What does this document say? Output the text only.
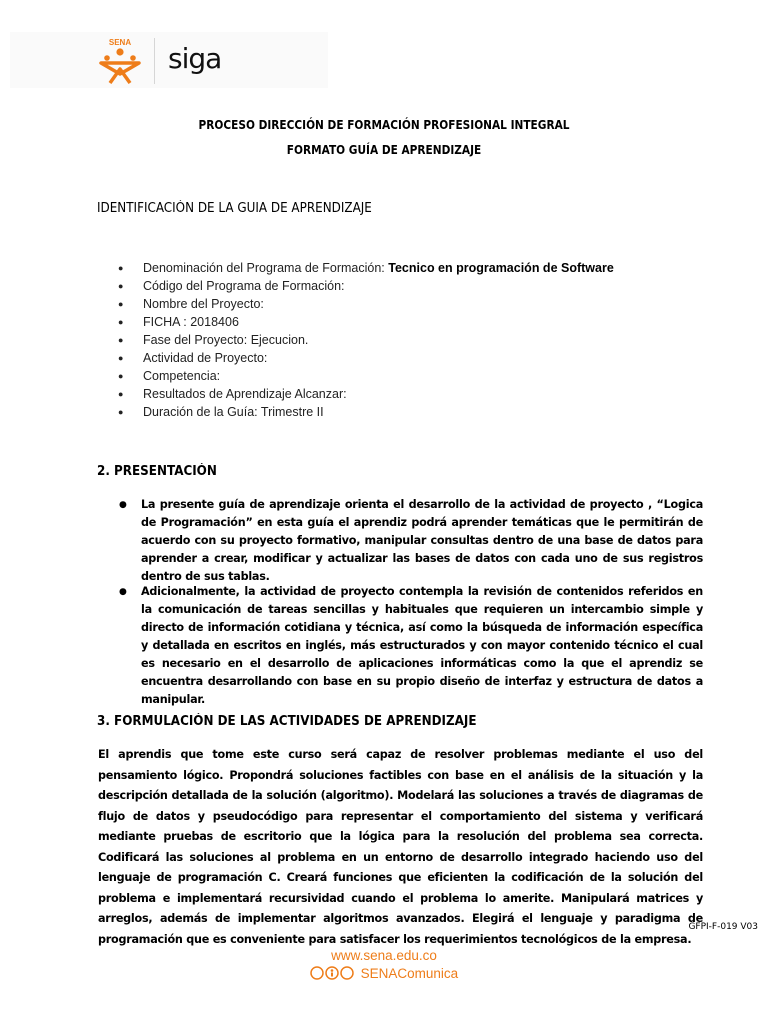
SENA siga
PROCESO DIRECCIÓN DE FORMACIÓN PROFESIONAL INTEGRAL
FORMATO GUÍA DE APRENDIZAJE
IDENTIFICACIÓN DE LA GUIA DE APRENDIZAJE
● Denominación del Programa de Formación: Tecnico en programación de Software
● Código del Programa de Formación:
● Nombre del Proyecto:
● FICHA : 2018406
● Fase del Proyecto: Ejecucion.
● Actividad de Proyecto:
● Competencia:
● Resultados de Aprendizaje Alcanzar:
● Duración de la Guía: Trimestre II
2. PRESENTACIÓN
● La presente guía de aprendizaje orienta el desarrollo de la actividad de proyecto , “Logica de Programación” en esta guía el aprendiz podrá aprender temáticas que le permitirán de acuerdo con su proyecto formativo, manipular consultas dentro de una base de datos para aprender a crear, modificar y actualizar las bases de datos con cada uno de sus registros dentro de sus tablas.
● Adicionalmente, la actividad de proyecto contempla la revisión de contenidos referidos en la comunicación de tareas sencillas y habituales que requieren un intercambio simple y directo de información cotidiana y técnica, así como la búsqueda de información específica y detallada en escritos en inglés, más estructurados y con mayor contenido técnico el cual es necesario en el desarrollo de aplicaciones informáticas como la que el aprendiz se encuentra desarrollando con base en su propio diseño de interfaz y estructura de datos a manipular.
3. FORMULACIÓN DE LAS ACTIVIDADES DE APRENDIZAJE

El aprendis que tome este curso será capaz de resolver problemas mediante el uso del pensamiento lógico. Propondrá soluciones factibles con base en el análisis de la situación y la descripción detallada de la solución (algoritmo). Modelará las soluciones a través de diagramas de flujo de datos y pseudocódigo para representar el comportamiento del sistema y verificará mediante pruebas de escritorio que la lógica para la resolución del problema sea correcta. Codificará las soluciones al problema en un entorno de desarrollo integrado haciendo uso del lenguaje de programación C. Creará funciones que eficienten la codificación de la solución del problema e implementará recursividad cuando el problema lo amerite. Manipulará matrices y arreglos, además de implementar algoritmos avanzados. Elegirá el lenguaje y paradigma de programación que es conveniente para satisfacer los requerimientos tecnológicos de la empresa.

GFPI-F-019 V03
www.sena.edu.co
SENAComunica
